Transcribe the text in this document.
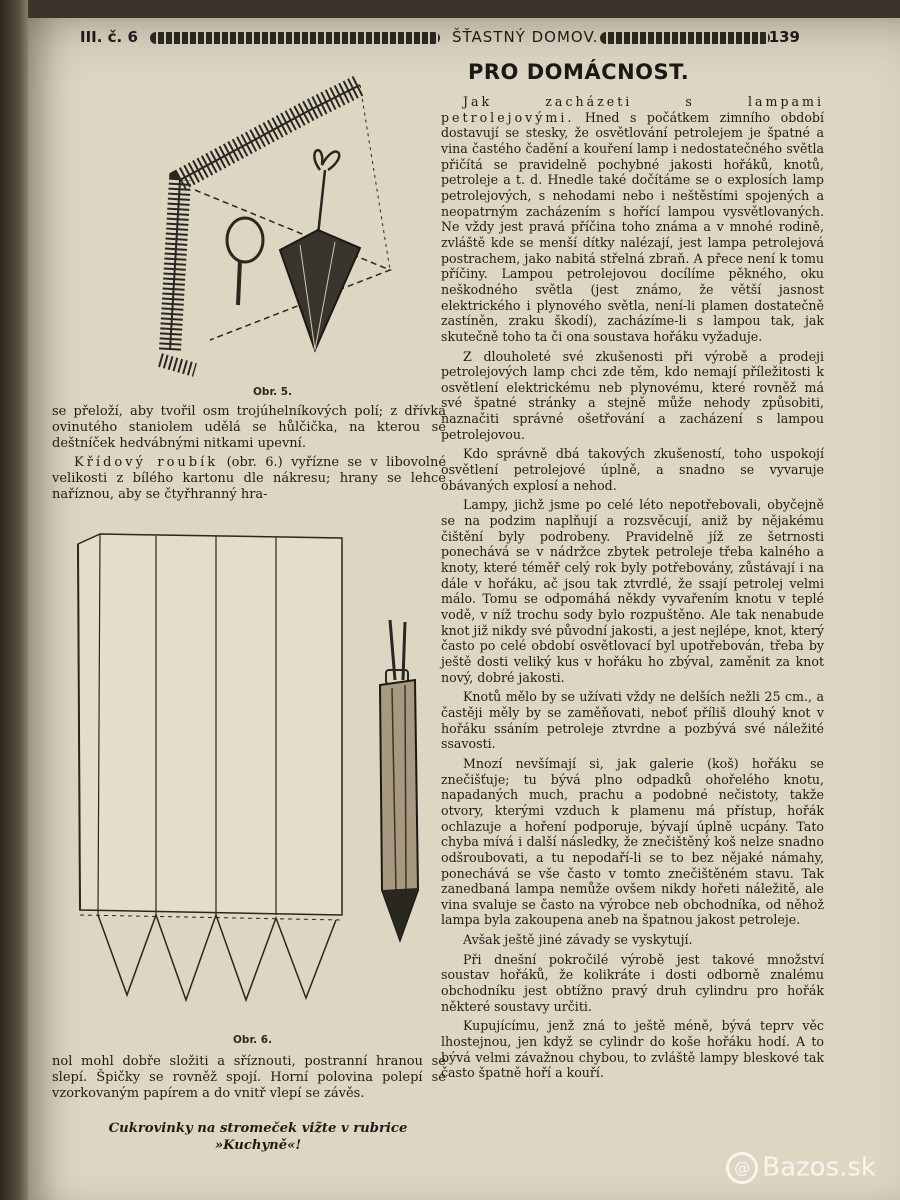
III. č. 6	ŠŤASTNÝ DOMOV.	139
Obr. 5.
PRO DOMÁCNOST.

Jak zacházeti s lampami petrolejovými. Hned s počátkem zimního období dostavují se stesky, že osvětlování petrolejem je špatné a vina častého čadění a kouření lamp i nedostatečného světla přičítá se pravidelně pochybné jakosti hořáků, knotů, petroleje a t. d. Hnedle také dočítáme se o explosích lamp petrolejových, s nehodami nebo i neštěstími spojených a neopatrným zacházením s hořící lampou vysvětlovaných. Ne vždy jest pravá příčina toho známa a v mnohé rodině, zvláště kde se menší dítky nalézají, jest lampa petrolejová postrachem, jako nabitá střelná zbraň. A přece není k tomu příčiny. Lampou petrolejovou docílíme pěkného, oku neškodného světla (jest známo, že větší jasnost elektrického i plynového světla, není-li plamen dostatečně zastíněn, zraku škodí), zacházíme-li s lampou tak, jak skutečně toho ta či ona soustava hořáku vyžaduje.

Z dlouholeté své zkušenosti při výrobě a prodeji petrolejových lamp chci zde těm, kdo nemají příležitosti k osvětlení elektrickému neb plynovému, které rovněž má své špatné stránky a stejně může nehody způsobiti, naznačiti správné ošetřování a zacházení s lampou petrolejovou.

Kdo správně dbá takových zkušeností, toho uspokojí osvětlení petrolejové úplně, a snadno se vyvaruje obávaných explosí a nehod.

Lampy, jichž jsme po celé léto nepotřebovali, obyčejně se na podzim naplňují a rozsvěcují, aniž by nějakému čištění byly podrobeny. Pravidelně jíž ze šetrnosti ponechává se v nádržce zbytek petroleje třeba kalného a knoty, které téměř celý rok byly potřebovány, zůstávají i na dále v hořáku, ač jsou tak ztvrdlé, že ssají petrolej velmi málo. Tomu se odpomáhá někdy vyvařením knotu v teplé vodě, v níž trochu sody bylo rozpuštěno. Ale tak nenabude knot již nikdy své původní jakosti, a jest nejlépe, knot, který často po celé období osvětlovací byl upotřebován, třeba by ještě dosti veliký kus v hořáku ho zbýval, zaměnit za knot nový, dobré jakosti.

Knotů mělo by se užívati vždy ne delších nežli 25 cm., a častěji měly by se zaměňovati, neboť příliš dlouhý knot v hořáku ssáním petroleje ztvrdne a pozbývá své náležité ssavosti.

Mnozí nevšímají si, jak galerie (koš) hořáku se znečišťuje; tu bývá plno odpadků ohořelého knotu, napadaných much, prachu a podobné nečistoty, takže otvory, kterými vzduch k plamenu má přístup, hořák ochlazuje a hoření podporuje, bývají úplně ucpány. Tato chyba mívá i další následky, že znečištěný koš nelze snadno odšroubovati, a tu nepodaří-li se to bez nějaké námahy, ponechává se vše často v tomto znečištěném stavu. Tak zanedbaná lampa nemůže ovšem nikdy hořeti náležitě, ale vina svaluje se často na výrobce neb obchodníka, od něhož lampa byla zakoupena aneb na špatnou jakost petroleje.

Avšak ještě jiné závady se vyskytují.

Při dnešní pokročilé výrobě jest takové množství soustav hořáků, že kolikráte i dosti odborně znalému obchodníku jest obtížno pravý druh cylindru pro hořák některé soustavy určiti.

Kupujícímu, jenž zná to ještě méně, bývá teprv věc lhostejnou, jen když se cylindr do koše hořáku hodí. A to bývá velmi závažnou chybou, to zvláště lampy bleskové tak často špatně hoří a kouří.

se přeloží, aby tvořil osm trojúhelníkových polí; z dřívka ovinutého staniolem udělá se hůlčička, na kterou se deštníček hedvábnými nitkami upevní.

Křídový roubík (obr. 6.) vyřízne se v libovolné velikosti z bílého kartonu dle nákresu; hrany se lehce naříznou, aby se čtyřhranný hra-

Obr. 6.

nol mohl dobře složiti a sříznouti, postranní hranou se slepí. Špičky se rovněž spojí. Horní polovina polepí se vzorkovaným papírem a do vnitř vlepí se závěs.

Cukrovinky na stromeček viz̃te v rubrice
»Kuchyně«!
@ Bazos.sk
